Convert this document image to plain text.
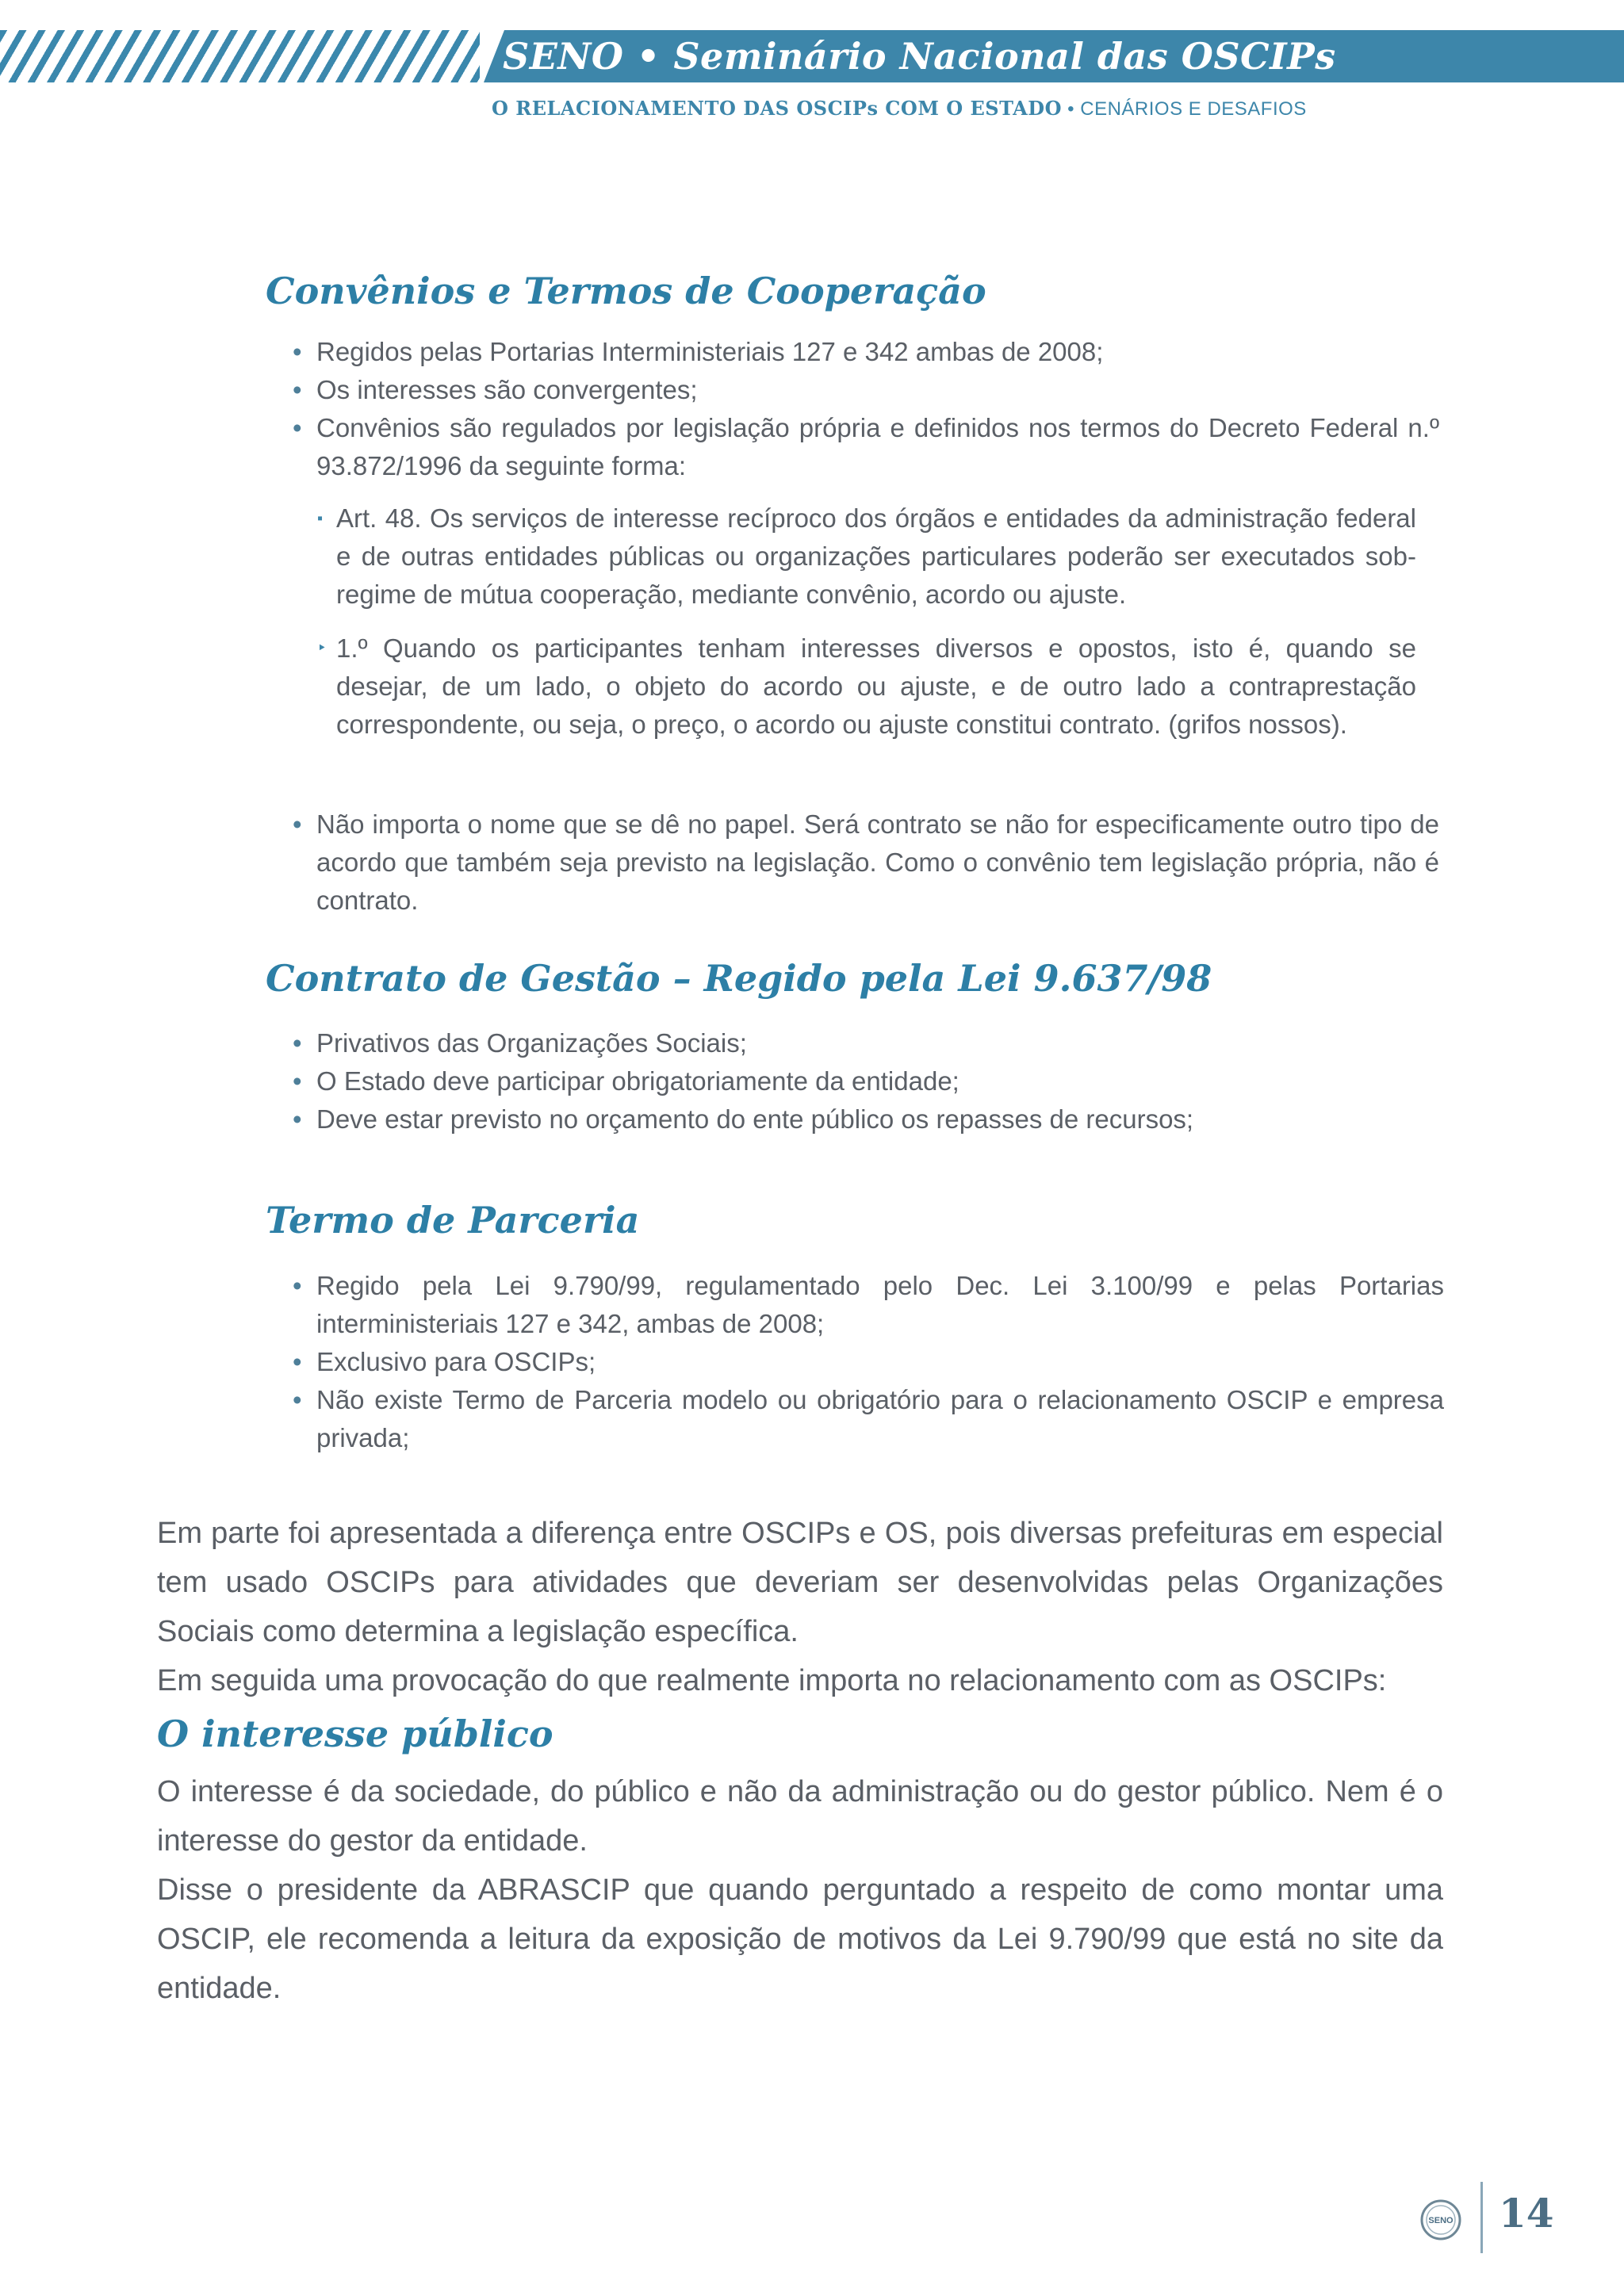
SENO • Seminário Nacional das OSCIPs
O RELACIONAMENTO DAS OSCIPs COM O ESTADO • CENÁRIOS E DESAFIOS
Convênios e Termos de Cooperação
• Regidos pelas Portarias Interministeriais 127 e 342 ambas de 2008;
• Os interesses são convergentes;
• Convênios são regulados por legislação própria e definidos nos termos do Decreto Federal n.º 93.872/1996 da seguinte forma:
▪ Art. 48. Os serviços de interesse recíproco dos órgãos e entidades da administração federal e de outras entidades públicas ou organizações particulares poderão ser executados sob-regime de mútua cooperação, mediante convênio, acordo ou ajuste.
‣ 1.º Quando os participantes tenham interesses diversos e opostos, isto é, quando se desejar, de um lado, o objeto do acordo ou ajuste, e de outro lado a contraprestação correspondente, ou seja, o preço, o acordo ou ajuste constitui contrato. (grifos nossos).
• Não importa o nome que se dê no papel. Será contrato se não for especificamente outro tipo de acordo que também seja previsto na legislação. Como o convênio tem legislação própria, não é contrato.
Contrato de Gestão – Regido pela Lei 9.637/98
• Privativos das Organizações Sociais;
• O Estado deve participar obrigatoriamente da entidade;
• Deve estar previsto no orçamento do ente público os repasses de recursos;
Termo de Parceria
• Regido pela Lei 9.790/99, regulamentado pelo Dec. Lei 3.100/99 e pelas Portarias interministeriais 127 e 342, ambas de 2008;
• Exclusivo para OSCIPs;
• Não existe Termo de Parceria modelo ou obrigatório para o relacionamento OSCIP e empresa privada;

Em parte foi apresentada a diferença entre OSCIPs e OS, pois diversas prefeituras em especial tem usado OSCIPs para atividades que deveriam ser desenvolvidas pelas Organizações Sociais como determina a legislação específica.

Em seguida uma provocação do que realmente importa no relacionamento com as OSCIPs:

O interesse público

O interesse é da sociedade, do público e não da administração ou do gestor público. Nem é o interesse do gestor da entidade.

Disse o presidente da ABRASCIP que quando perguntado a respeito de como montar uma OSCIP, ele recomenda a leitura da exposição de motivos da Lei 9.790/99 que está no site da entidade.

SENO 14
